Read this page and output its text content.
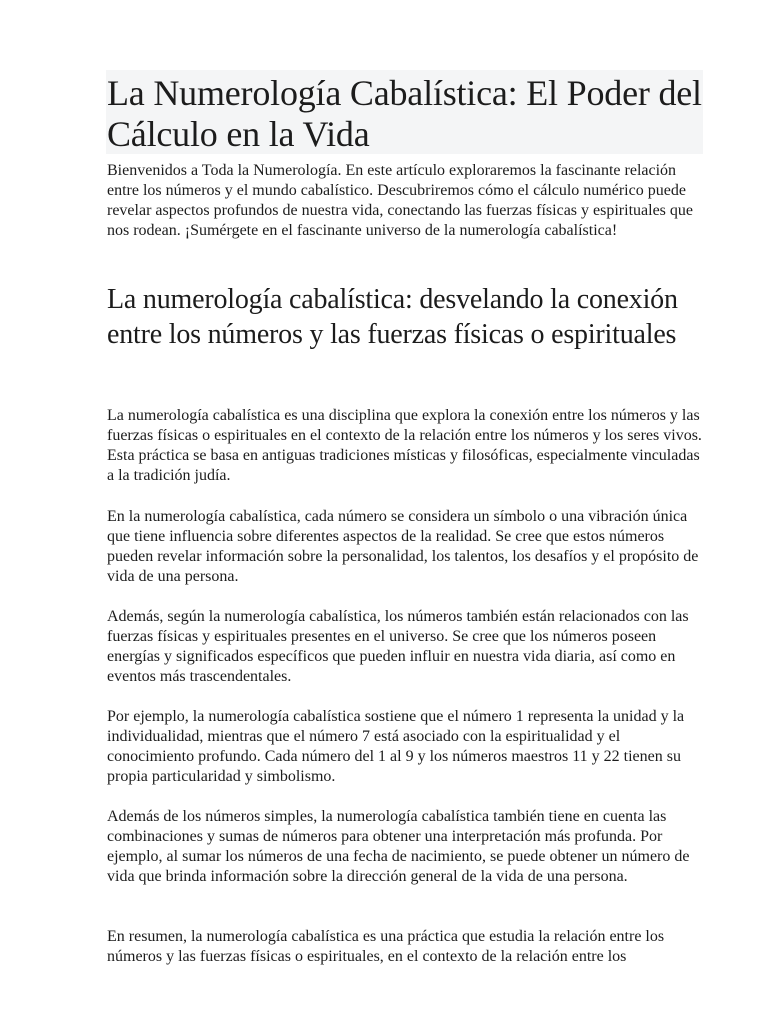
La Numerología Cabalística: El Poder del Cálculo en la Vida

Bienvenidos a Toda la Numerología. En este artículo exploraremos la fascinante relación entre los números y el mundo cabalístico. Descubriremos cómo el cálculo numérico puede revelar aspectos profundos de nuestra vida, conectando las fuerzas físicas y espirituales que nos rodean. ¡Sumérgete en el fascinante universo de la numerología cabalística!

La numerología cabalística: desvelando la conexión entre los números y las fuerzas físicas o espirituales

La numerología cabalística es una disciplina que explora la conexión entre los números y las fuerzas físicas o espirituales en el contexto de la relación entre los números y los seres vivos. Esta práctica se basa en antiguas tradiciones místicas y filosóficas, especialmente vinculadas a la tradición judía.

En la numerología cabalística, cada número se considera un símbolo o una vibración única que tiene influencia sobre diferentes aspectos de la realidad. Se cree que estos números pueden revelar información sobre la personalidad, los talentos, los desafíos y el propósito de vida de una persona.

Además, según la numerología cabalística, los números también están relacionados con las fuerzas físicas y espirituales presentes en el universo. Se cree que los números poseen energías y significados específicos que pueden influir en nuestra vida diaria, así como en eventos más trascendentales.

Por ejemplo, la numerología cabalística sostiene que el número 1 representa la unidad y la individualidad, mientras que el número 7 está asociado con la espiritualidad y el conocimiento profundo. Cada número del 1 al 9 y los números maestros 11 y 22 tienen su propia particularidad y simbolismo.

Además de los números simples, la numerología cabalística también tiene en cuenta las combinaciones y sumas de números para obtener una interpretación más profunda. Por ejemplo, al sumar los números de una fecha de nacimiento, se puede obtener un número de vida que brinda información sobre la dirección general de la vida de una persona.

En resumen, la numerología cabalística es una práctica que estudia la relación entre los números y las fuerzas físicas o espirituales, en el contexto de la relación entre los
